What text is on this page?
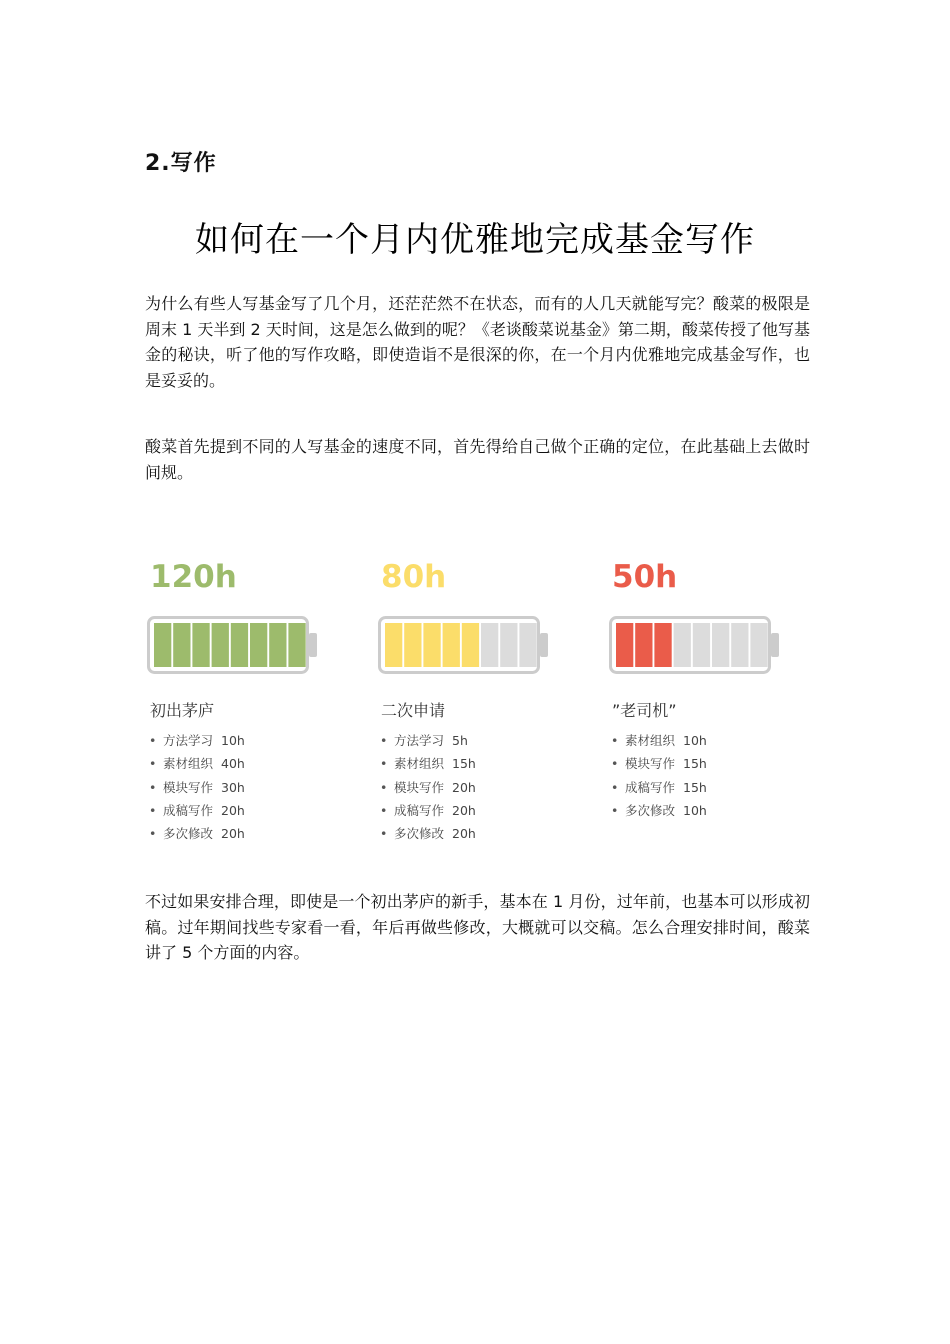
2.写作
如何在一个月内优雅地完成基金写作

为什么有些人写基金写了几个月，还茫茫然不在状态，而有的人几天就能写完？酸菜的极限是周末 1 天半到 2 天时间，这是怎么做到的呢？《老谈酸菜说基金》第二期，酸菜传授了他写基金的秘诀，听了他的写作攻略，即使造诣不是很深的你，在一个月内优雅地完成基金写作，也是妥妥的。

酸菜首先提到不同的人写基金的速度不同，首先得给自己做个正确的定位，在此基础上去做时间规。

120h
初出茅庐
• 方法学习 10h
• 素材组织 40h
• 模块写作 30h
• 成稿写作 20h
• 多次修改 20h
80h
二次申请
• 方法学习 5h
• 素材组织 15h
• 模块写作 20h
• 成稿写作 20h
• 多次修改 20h
50h
”老司机”
• 素材组织 10h
• 模块写作 15h
• 成稿写作 15h
• 多次修改 10h

不过如果安排合理，即使是一个初出茅庐的新手，基本在 1 月份，过年前，也基本可以形成初稿。过年期间找些专家看一看，年后再做些修改，大概就可以交稿。怎么合理安排时间，酸菜讲了 5 个方面的内容。
